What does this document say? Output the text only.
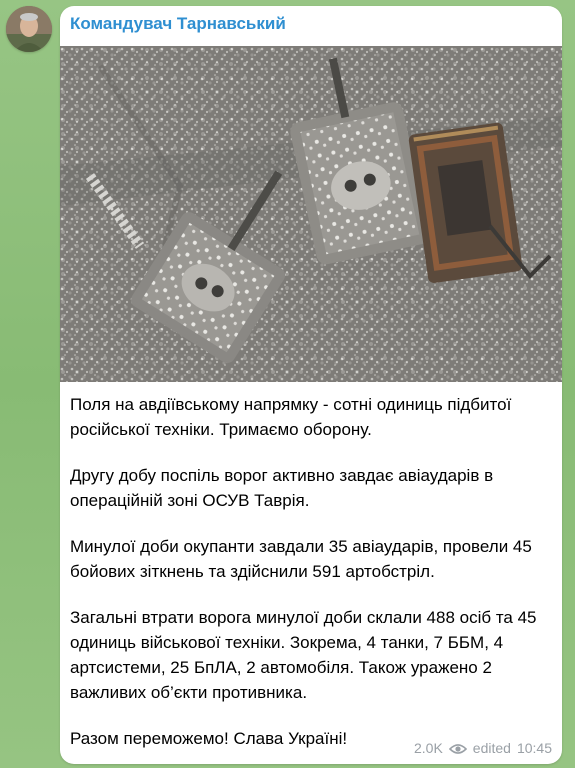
Командувач Тарнавський

Поля на авдіївському напрямку - сотні одиниць підбитої російської техніки. Тримаємо оборону.

Другу добу поспіль ворог активно завдає авіаударів в операційній зоні ОСУВ Таврія.

Минулої доби окупанти завдали 35 авіаударів, провели 45 бойових зіткнень та здійснили 591 артобстріл.

Загальні втрати ворога минулої доби склали 488 осіб та 45 одиниць військової техніки. Зокрема, 4 танки, 7 ББМ, 4 артсистеми, 25 БпЛА, 2 автомобіля. Також уражено 2 важливих об’єкти противника.

Разом переможемо! Слава Україні!	2.0K edited 10:45
